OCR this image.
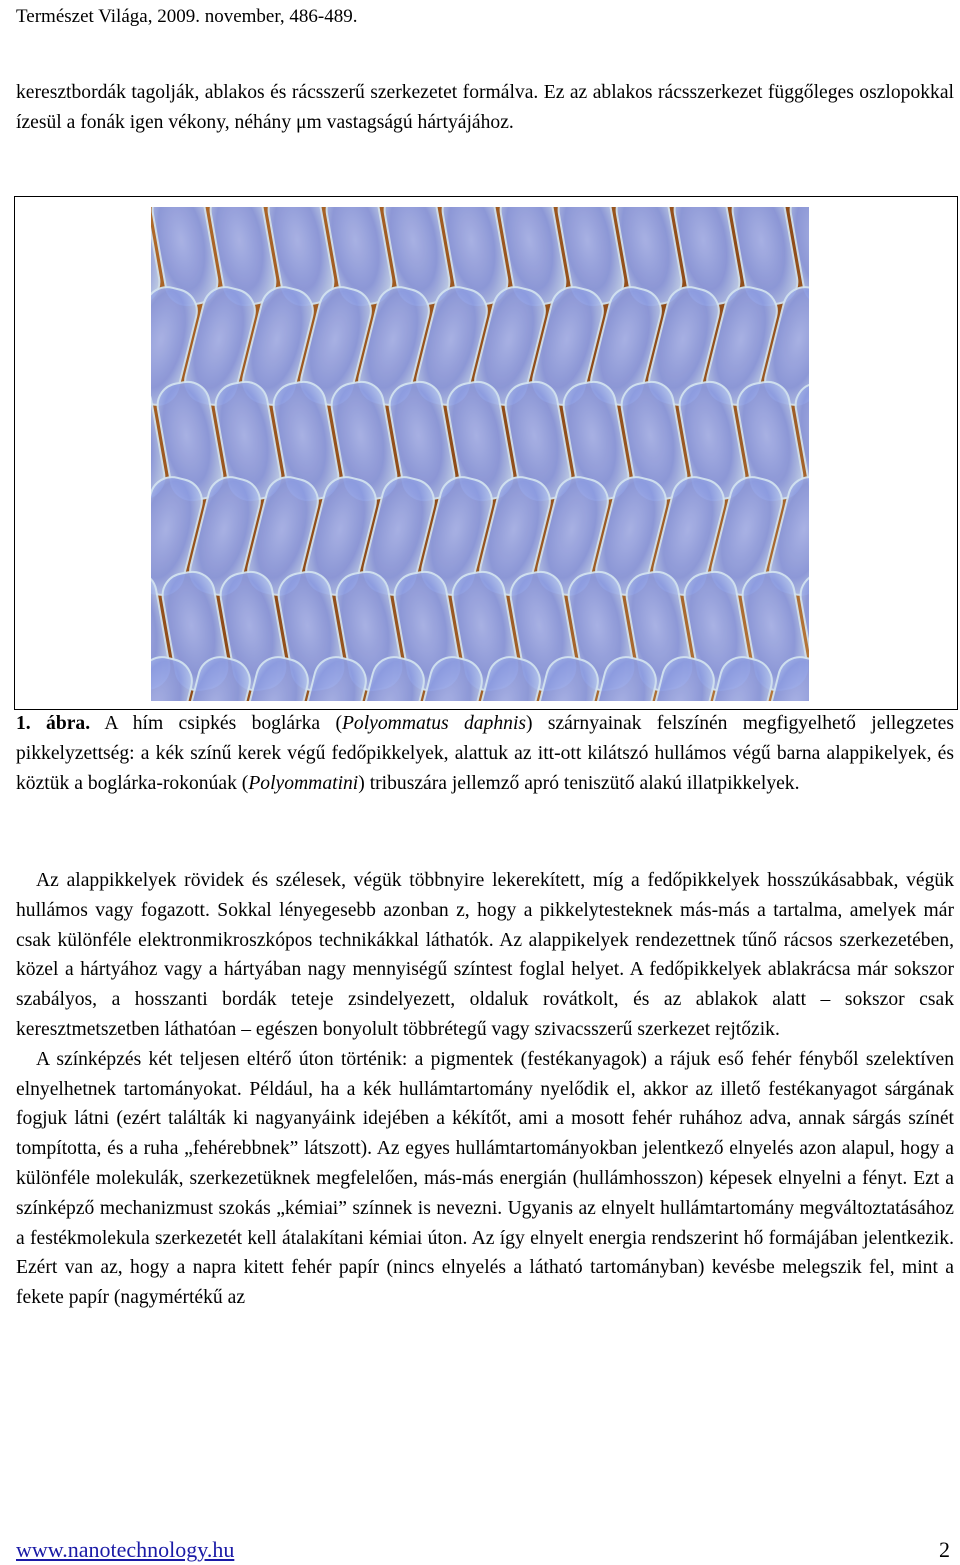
Természet Világa, 2009. november, 486-489.

keresztbordák tagolják, ablakos és rácsszerű szerkezetet formálva. Ez az ablakos rácsszerkezet függőleges oszlopokkal ízesül a fonák igen vékony, néhány μm vastagságú hártyájához.

1. ábra. A hím csipkés boglárka (Polyommatus daphnis) szárnyainak felszínén megfigyelhető jellegzetes pikkelyzettség: a kék színű kerek végű fedőpikkelyek, alattuk az itt-ott kilátszó hullámos végű barna alappikelyek, és köztük a boglárka-rokonúak (Polyommatini) tribuszára jellemző apró teniszütő alakú illatpikkelyek.

Az alappikkelyek rövidek és szélesek, végük többnyire lekerekített, míg a fedőpikkelyek hosszúkásabbak, végük hullámos vagy fogazott. Sokkal lényegesebb azonban z, hogy a pikkelytesteknek más-más a tartalma, amelyek már csak különféle elektronmikroszkópos technikákkal láthatók. Az alappikelyek rendezettnek tűnő rácsos szerkezetében, közel a hártyához vagy a hártyában nagy mennyiségű színtest foglal helyet. A fedőpikkelyek ablakrácsa már sokszor szabályos, a hosszanti bordák teteje zsindelyezett, oldaluk rovátkolt, és az ablakok alatt – sokszor csak keresztmetszetben láthatóan – egészen bonyolult többrétegű vagy szivacsszerű szerkezet rejtőzik.

A színképzés két teljesen eltérő úton történik: a pigmentek (festékanyagok) a rájuk eső fehér fényből szelektíven elnyelhetnek tartományokat. Például, ha a kék hullámtartomány nyelődik el, akkor az illető festékanyagot sárgának fogjuk látni (ezért találták ki nagyanyáink idejében a kékítőt, ami a mosott fehér ruhához adva, annak sárgás színét tompította, és a ruha „fehérebbnek” látszott). Az egyes hullámtartományokban jelentkező elnyelés azon alapul, hogy a különféle molekulák, szerkezetüknek megfelelően, más-más energián (hullámhosszon) képesek elnyelni a fényt. Ezt a színképző mechanizmust szokás „kémiai” színnek is nevezni. Ugyanis az elnyelt hullámtartomány megváltoztatásához a festékmolekula szerkezetét kell átalakítani kémiai úton. Az így elnyelt energia rendszerint hő formájában jelentkezik. Ezért van az, hogy a napra kitett fehér papír (nincs elnyelés a látható tartományban) kevésbe melegszik fel, mint a fekete papír (nagymértékű az

www.nanotechnology.hu	2
